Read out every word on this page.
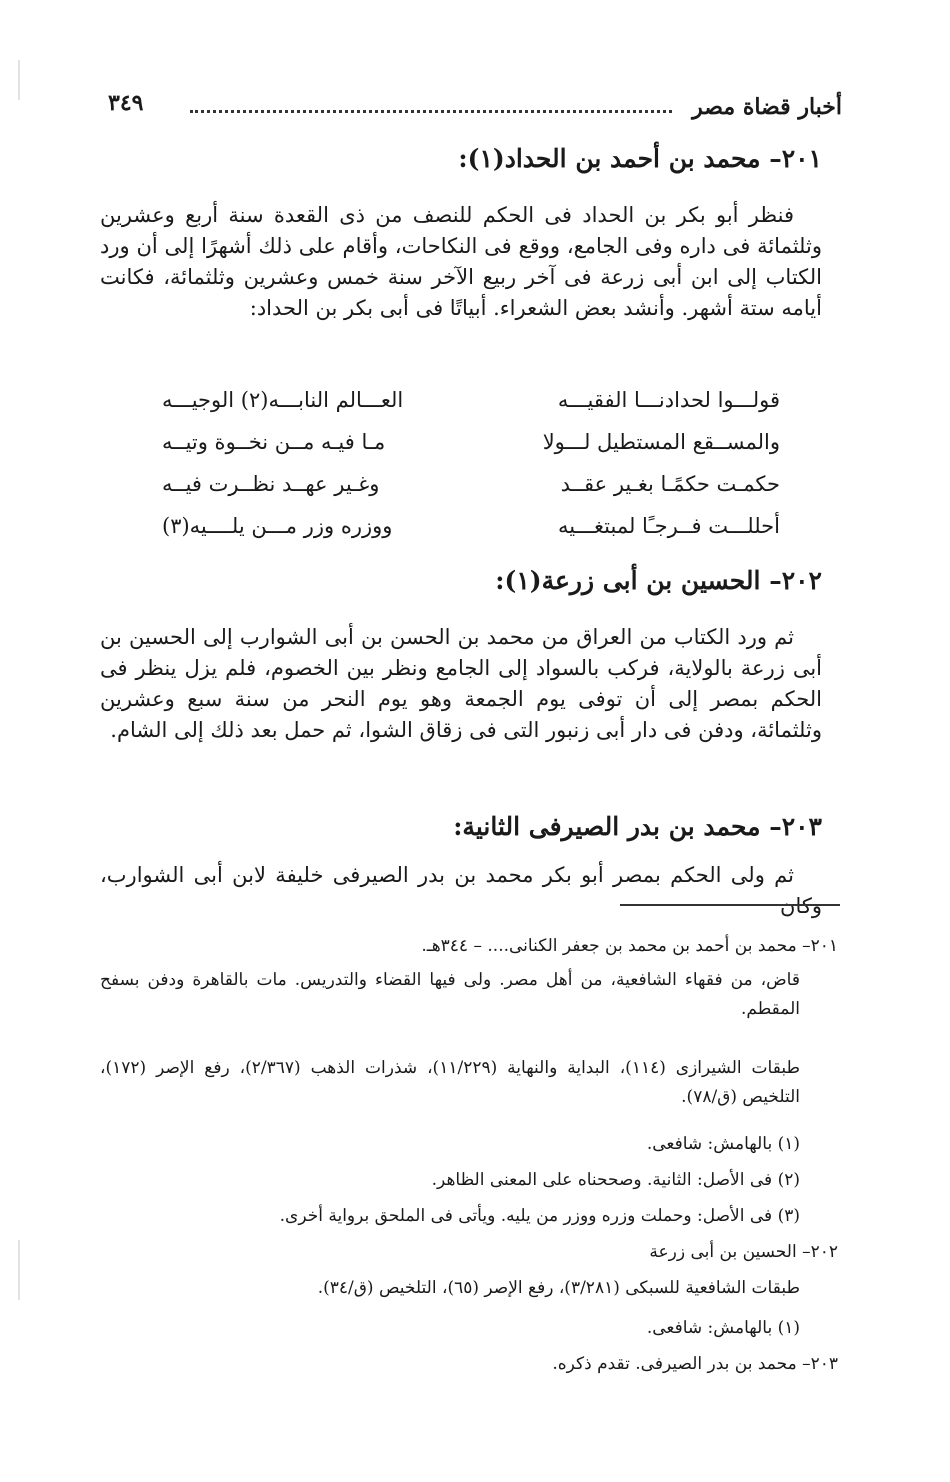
أخبار قضاة مصر
٣٤٩
٢٠١– محمد بن أحمد بن الحداد(١):
فنظر أبو بكر بن الحداد فى الحكم للنصف من ذى القعدة سنة أربع وعشرين وثلثمائة فى داره وفى الجامع، ووقع فى النكاحات، وأقام على ذلك أشهرًا إلى أن ورد الكتاب إلى ابن أبى زرعة فى آخر ربيع الآخر سنة خمس وعشرين وثلثمائة، فكانت أيامه ستة أشهر. وأنشد بعض الشعراء. أبياتًا فى أبى بكر بن الحداد:
قولـــوا لحدادنـــا الفقيـــه
العـــالم النابـــه(٢) الوجيـــه
والمســقع المستطيل لـــولا
مـا فيـه مــن نخــوة وتيــه
حكمـت حكمًـا بغـير عقــد
وغـير عهــد نظــرت فيــه
أحللـــت فــرجـًا لمبتغـــيه
ووزره وزر مـــن يلــــيه(٣)
٢٠٢– الحسين بن أبى زرعة(١):
ثم ورد الكتاب من العراق من محمد بن الحسن بن أبى الشوارب إلى الحسين بن أبى زرعة بالولاية، فركب بالسواد إلى الجامع ونظر بين الخصوم، فلم يزل ينظر فى الحكم بمصر إلى أن توفى يوم الجمعة وهو يوم النحر من سنة سبع وعشرين وثلثمائة، ودفن فى دار أبى زنبور التى فى زقاق الشوا، ثم حمل بعد ذلك إلى الشام.
٢٠٣– محمد بن بدر الصيرفى الثانية:
ثم ولى الحكم بمصر أبو بكر محمد بن بدر الصيرفى خليفة لابن أبى الشوارب، وكان
٢٠١– محمد بن أحمد بن محمد بن جعفر الكنانى.... – ٣٤٤هـ.
قاض، من فقهاء الشافعية، من أهل مصر. ولى فيها القضاء والتدريس. مات بالقاهرة ودفن بسفح المقطم.
طبقات الشيرازى (١١٤)، البداية والنهاية (١١/٢٢٩)، شذرات الذهب (٢/٣٦٧)، رفع الإصر (١٧٢)، التلخيص (ق/٧٨).
(١) بالهامش: شافعى.
(٢) فى الأصل: الثانية. وصححناه على المعنى الظاهر.
(٣) فى الأصل: وحملت وزره ووزر من يليه. ويأتى فى الملحق برواية أخرى.
٢٠٢– الحسين بن أبى زرعة
طبقات الشافعية للسبكى (٣/٢٨١)، رفع الإصر (٦٥)، التلخيص (ق/٣٤).
(١) بالهامش: شافعى.
٢٠٣– محمد بن بدر الصيرفى. تقدم ذكره.
